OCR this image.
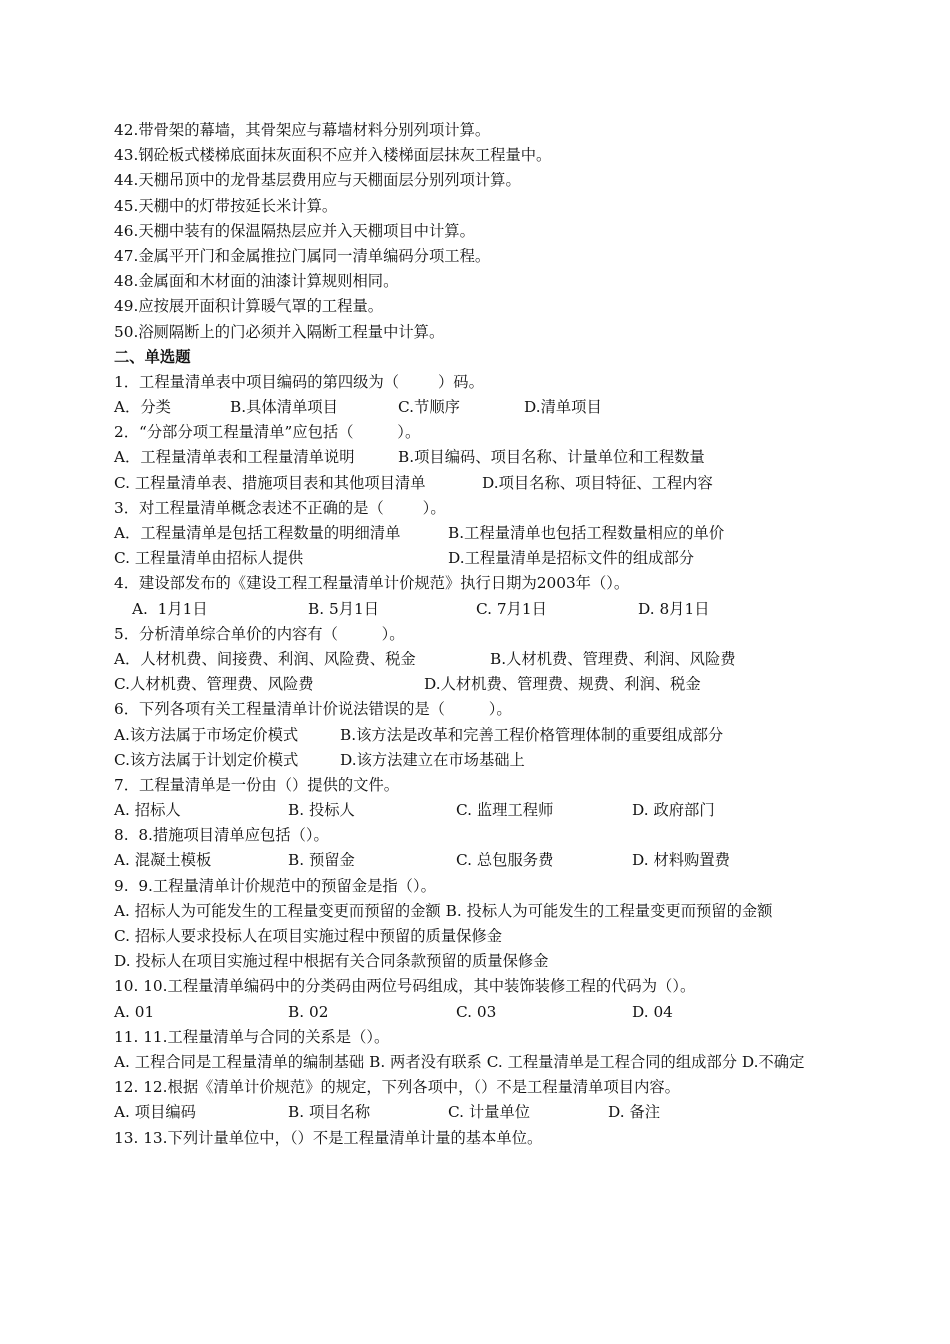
42.带骨架的幕墙，其骨架应与幕墙材料分别列项计算。

43.钢砼板式楼梯底面抹灰面积不应并入楼梯面层抹灰工程量中。

44.天棚吊顶中的龙骨基层费用应与天棚面层分别列项计算。

45.天棚中的灯带按延长米计算。

46.天棚中装有的保温隔热层应并入天棚项目中计算。

47.金属平开门和金属推拉门属同一清单编码分项工程。

48.金属面和木材面的油漆计算规则相同。

49.应按展开面积计算暖气罩的工程量。

50.浴厕隔断上的门必须并入隔断工程量中计算。

二、单选题

1．工程量清单表中项目编码的第四级为（        ）码。

A．分类	B.具体清单项目	C.节顺序	D.清单项目

2．“分部分项工程量清单”应包括（         ）。

A．工程量清单表和工程量清单说明	B.项目编码、项目名称、计量单位和工程数量
C. 工程量清单表、措施项目表和其他项目清单	D.项目名称、项目特征、工程内容

3．对工程量清单概念表述不正确的是（        ）。

A．工程量清单是包括工程数量的明细清单	B.工程量清单也包括工程数量相应的单价
C. 工程量清单由招标人提供	D.工程量清单是招标文件的组成部分

4．建设部发布的《建设工程工程量清单计价规范》执行日期为2003年（）。

A.  1月1日	B. 5月1日	C. 7月1日	D. 8月1日

5．分析清单综合单价的内容有（         ）。

A．人材机费、间接费、利润、风险费、税金	B.人材机费、管理费、利润、风险费
C.人材机费、管理费、风险费	D.人材机费、管理费、规费、利润、税金

6．下列各项有关工程量清单计价说法错误的是（         ）。

A.该方法属于市场定价模式	B.该方法是改革和完善工程价格管理体制的重要组成部分
C.该方法属于计划定价模式	D.该方法建立在市场基础上

7．工程量清单是一份由（）提供的文件。

A. 招标人	B. 投标人	C. 监理工程师	D. 政府部门

8.  8.措施项目清单应包括（）。

A. 混凝土模板	B. 预留金	C. 总包服务费	D. 材料购置费

9.  9.工程量清单计价规范中的预留金是指（）。

A. 招标人为可能发生的工程量变更而预留的金额 B. 投标人为可能发生的工程量变更而预留的金额

C. 招标人要求投标人在项目实施过程中预留的质量保修金

D. 投标人在项目实施过程中根据有关合同条款预留的质量保修金

10. 10.工程量清单编码中的分类码由两位号码组成，其中装饰装修工程的代码为（）。

A. 01	B. 02	C. 03	D. 04

11. 11.工程量清单与合同的关系是（）。

A. 工程合同是工程量清单的编制基础 B. 两者没有联系 C. 工程量清单是工程合同的组成部分 D.不确定

12. 12.根据《清单计价规范》的规定，下列各项中，（）不是工程量清单项目内容。

A. 项目编码	B. 项目名称	C. 计量单位	D. 备注

13. 13.下列计量单位中，（）不是工程量清单计量的基本单位。
